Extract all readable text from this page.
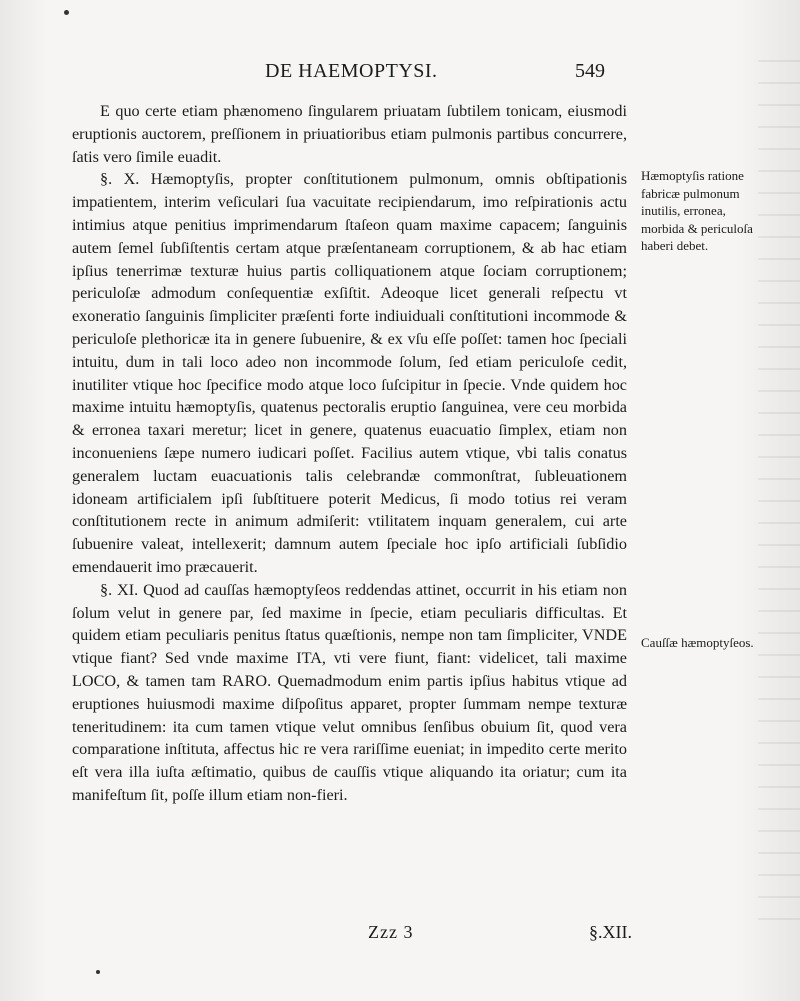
DE HAEMOPTYSI.	549

E quo certe etiam phænomeno ſingularem priuatam ſubtilem tonicam, eiusmodi eruptionis auctorem, preſſionem in priuatioribus etiam pulmonis partibus concurrere, ſatis vero ſimile euadit.

§. X. Hæmoptyſis, propter conſtitutionem pulmonum, omnis obſtipationis impatientem, interim veſiculari ſua vacuitate recipiendarum, imo reſpirationis actu intimius atque penitius imprimendarum ſtaſeon quam maxime capacem; ſanguinis autem ſemel ſubſiſtentis certam atque præſentaneam corruptionem, & ab hac etiam ipſius tenerrimæ texturæ huius partis colliquationem atque ſociam corruptionem; periculoſæ admodum conſequentiæ exſiſtit. Adeoque licet generali reſpectu vt exoneratio ſanguinis ſimpliciter præſenti forte indiuiduali conſtitutioni incommode & periculoſe plethoricæ ita in genere ſubuenire, & ex vſu eſſe poſſet: tamen hoc ſpeciali intuitu, dum in tali loco adeo non incommode ſolum, ſed etiam periculoſe cedit, inutiliter vtique hoc ſpecifice modo atque loco ſuſcipitur in ſpecie. Vnde quidem hoc maxime intuitu hæmoptyſis, quatenus pectoralis eruptio ſanguinea, vere ceu morbida & erronea taxari meretur; licet in genere, quatenus euacuatio ſimplex, etiam non inconueniens ſæpe numero iudicari poſſet. Facilius autem vtique, vbi talis conatus generalem luctam euacuationis talis celebrandæ commonſtrat, ſubleuationem idoneam artificialem ipſi ſubſtituere poterit Medicus, ſi modo totius rei veram conſtitutionem recte in animum admiſerit: vtilitatem inquam generalem, cui arte ſubuenire valeat, intellexerit; damnum autem ſpeciale hoc ipſo artificiali ſubſidio emendauerit imo præcauerit.

§. XI. Quod ad cauſſas hæmoptyſeos reddendas attinet, occurrit in his etiam non ſolum velut in genere par, ſed maxime in ſpecie, etiam peculiaris difficultas. Et quidem etiam peculiaris penitus ſtatus quæſtionis, nempe non tam ſimpliciter, VNDE vtique fiant? Sed vnde maxime ITA, vti vere fiunt, fiant: videlicet, tali maxime LOCO, & tamen tam RARO. Quemadmodum enim partis ipſius habitus vtique ad eruptiones huiusmodi maxime diſpoſitus apparet, propter ſummam nempe texturæ teneritudinem: ita cum tamen vtique velut omnibus ſenſibus obuium ſit, quod vera comparatione inſtituta, affectus hic re vera rariſſime eueniat; in impedito certe merito eſt vera illa iuſta æſtimatio, quibus de cauſſis vtique aliquando ita oriatur; cum ita manifeſtum ſit, poſſe illum etiam non-fieri.

Hæmoptyſis ratione fabricæ pulmonum inutilis, erronea, morbida & periculoſa haberi debet.
Cauſſæ hæmoptyſeos.
Zzz 3	§.XII.
